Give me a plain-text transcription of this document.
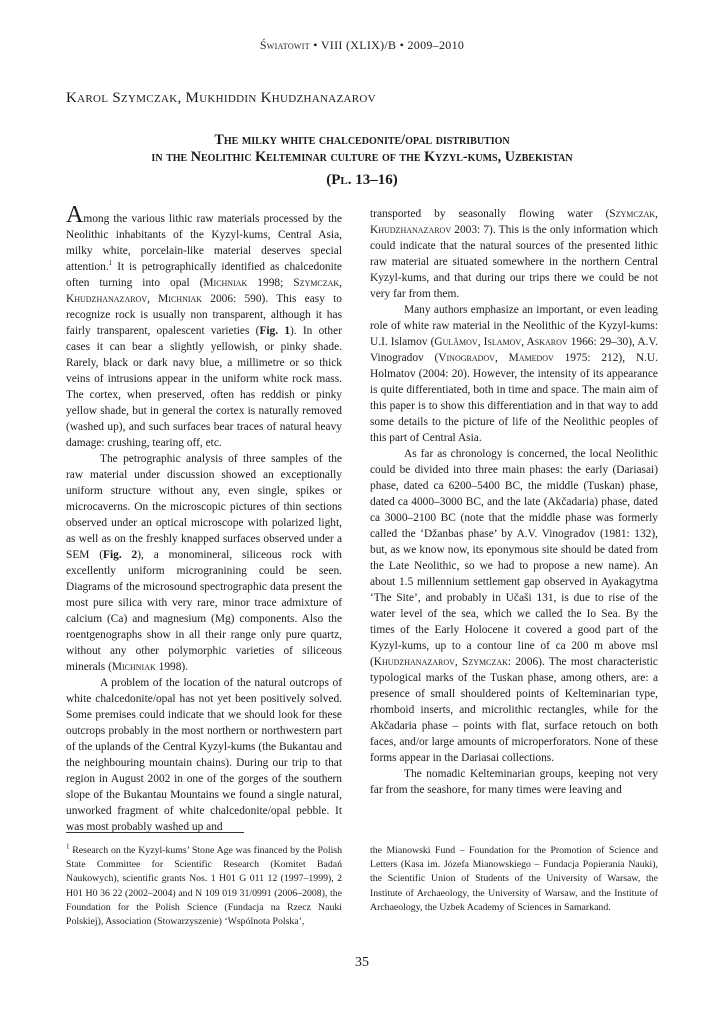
Światowit • VIII (XLIX)/B • 2009–2010
Karol Szymczak, Mukhiddin Khudzhanazarov
The milky white chalcedonite/opal distribution
in the Neolithic Kelteminar culture of the Kyzyl-kums, Uzbekistan
(Pl. 13–16)

Among the various lithic raw materials processed by the Neolithic inhabitants of the Kyzyl-kums, Central Asia, milky white, porcelain-like material deserves special attention.$^1$ It is petrographically identified as chalcedonite often turning into opal (Michniak 1998; Szymczak, Khudzhanazarov, Michniak 2006: 590). This easy to recognize rock is usually non transparent, although it has fairly transparent, opalescent varieties (Fig. 1). In other cases it can bear a slightly yellowish, or pinky shade. Rarely, black or dark navy blue, a millimetre or so thick veins of intrusions appear in the uniform white rock mass. The cortex, when preserved, often has reddish or pinky yellow shade, but in general the cortex is naturally removed (washed up), and such surfaces bear traces of natural heavy damage: crushing, tearing off, etc.

The petrographic analysis of three samples of the raw material under discussion showed an exceptionally uniform structure without any, even single, spikes or microcaverns. On the microscopic pictures of thin sections observed under an optical microscope with polarized light, as well as on the freshly knapped surfaces observed under a SEM (Fig. 2), a monomineral, siliceous rock with excellently uniform microgranining could be seen. Diagrams of the microsound spectrographic data present the most pure silica with very rare, minor trace admixture of calcium (Ca) and magnesium (Mg) components. Also the roentgenographs show in all their range only pure quartz, without any other polymorphic varieties of siliceous minerals (Michniak 1998).

A problem of the location of the natural outcrops of white chalcedonite/opal has not yet been positively solved. Some premises could indicate that we should look for these outcrops probably in the most northern or northwestern part of the uplands of the Central Kyzyl-kums (the Bukantau and the neighbouring mountain chains). During our trip to that region in August 2002 in one of the gorges of the southern slope of the Bukantau Mountains we found a single natural, unworked fragment of white chalcedonite/opal pebble. It was most probably washed up and

transported by seasonally flowing water (Szymczak, Khudzhanazarov 2003: 7). This is the only information which could indicate that the natural sources of the presented lithic raw material are situated somewhere in the northern Central Kyzyl-kums, and that during our trips there we could be not very far from them.

Many authors emphasize an important, or even leading role of white raw material in the Neolithic of the Kyzyl-kums: U.I. Islamov (Gulâmov, Islamov, Askarov 1966: 29–30), A.V. Vinogradov (Vinogradov, Mamedov 1975: 212), N.U. Holmatov (2004: 20). However, the intensity of its appearance is quite differentiated, both in time and space. The main aim of this paper is to show this differentiation and in that way to add some details to the picture of life of the Neolithic peoples of this part of Central Asia.

As far as chronology is concerned, the local Neolithic could be divided into three main phases: the early (Dariasai) phase, dated ca 6200–5400 BC, the middle (Tuskan) phase, dated ca 4000–3000 BC, and the late (Akčadaria) phase, dated ca 3000–2100 BC (note that the middle phase was formerly called the ‘Džanbas phase’ by A.V. Vinogradov (1981: 132), but, as we know now, its eponymous site should be dated from the Late Neolithic, so we had to propose a new name). An about 1.5 millennium settlement gap observed in Ayakagytma ‘The Site’, and probably in Učaši 131, is due to rise of the water level of the sea, which we called the Io Sea. By the times of the Early Holocene it covered a good part of the Kyzyl-kums, up to a contour line of ca 200 m above msl (Khudzhanazarov, Szymczak: 2006). The most characteristic typological marks of the Tuskan phase, among others, are: a presence of small shouldered points of Kelteminarian type, rhomboid inserts, and microlithic rectangles, while for the Akčadaria phase – points with flat, surface retouch on both faces, and/or large amounts of microperforators. None of these forms appear in the Dariasai collections.

The nomadic Kelteminarian groups, keeping not very far from the seashore, for many times were leaving and

$^1$ Research on the Kyzyl-kums’ Stone Age was financed by the Polish State Committee for Scientific Research (Komitet Badań Naukowych), scientific grants Nos. 1 H01 G 011 12 (1997–1999), 2 H01 H0 36 22 (2002–2004) and N 109 019 31/0991 (2006–2008), the Foundation for the Polish Science (Fundacja na Rzecz Nauki Polskiej), Association (Stowarzyszenie) ‘Wspólnota Polska’,
the Mianowski Fund – Foundation for the Promotion of Science and Letters (Kasa im. Józefa Mianowskiego – Fundacja Popierania Nauki), the Scientific Union of Students of the University of Warsaw, the Institute of Archaeology, the University of Warsaw, and the Institute of Archaeology, the Uzbek Academy of Sciences in Samarkand.
35
